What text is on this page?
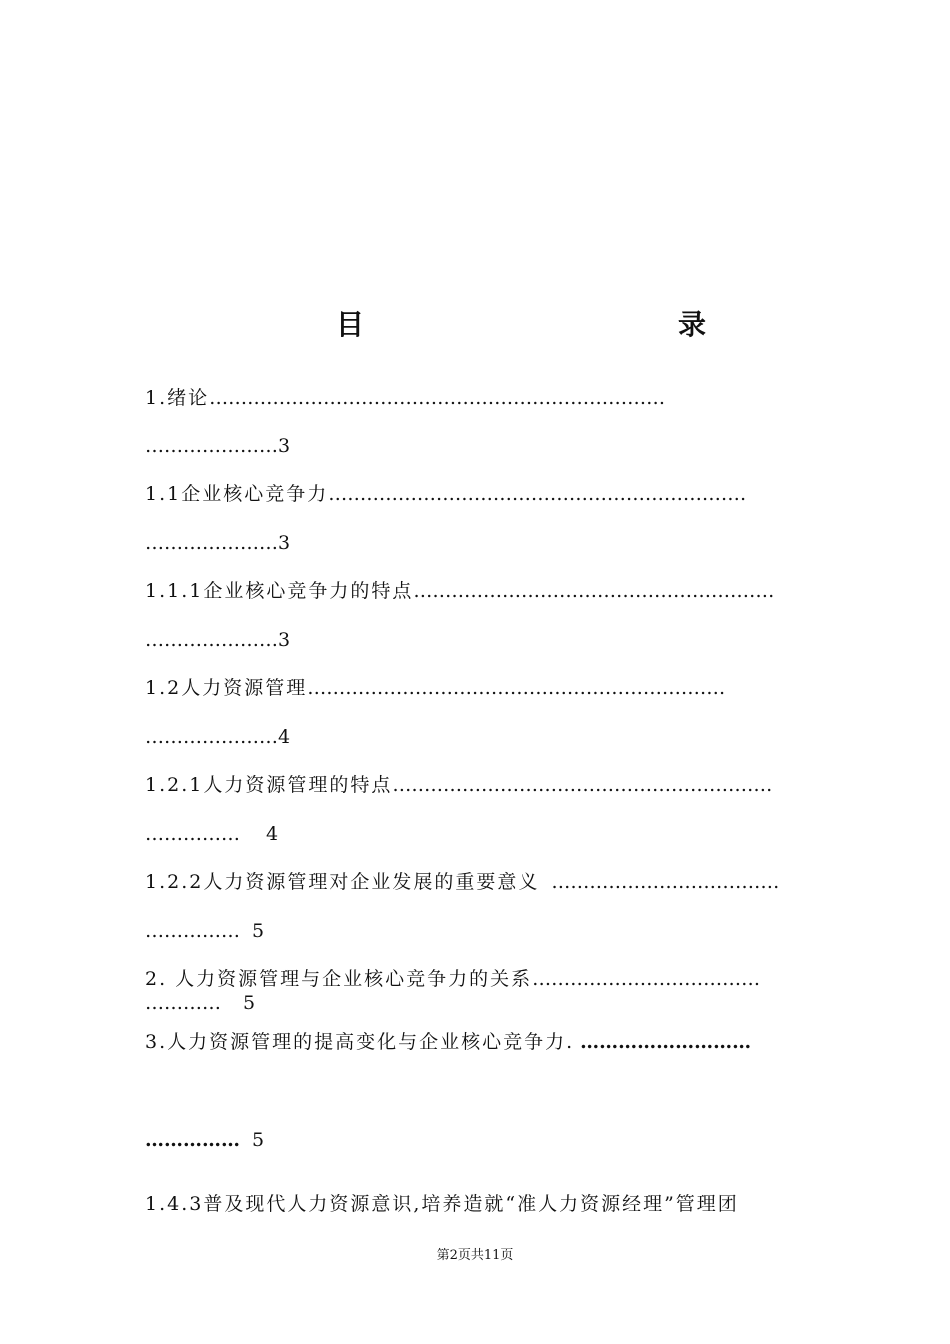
目	录
1.绪论………………………………………………………………
…………………3
1.1企业核心竞争力…………………………………………………………
…………………3
1.1.1企业核心竞争力的特点…………………………………………………
…………………3
1.2人力资源管理…………………………………………………………
…………………4
1.2.1人力资源管理的特点……………………………………………………
…………… 4
1.2.2人力资源管理对企业发展的重要意义 ………………………………
…………… 5
2. 人力资源管理与企业核心竞争力的关系………………………………
………… 5
3.人力资源管理的提高变化与企业核心竞争力. ………………………
…………… 5
1.4.3普及现代人力资源意识,培养造就“准人力资源经理”管理团
第2页共11页
